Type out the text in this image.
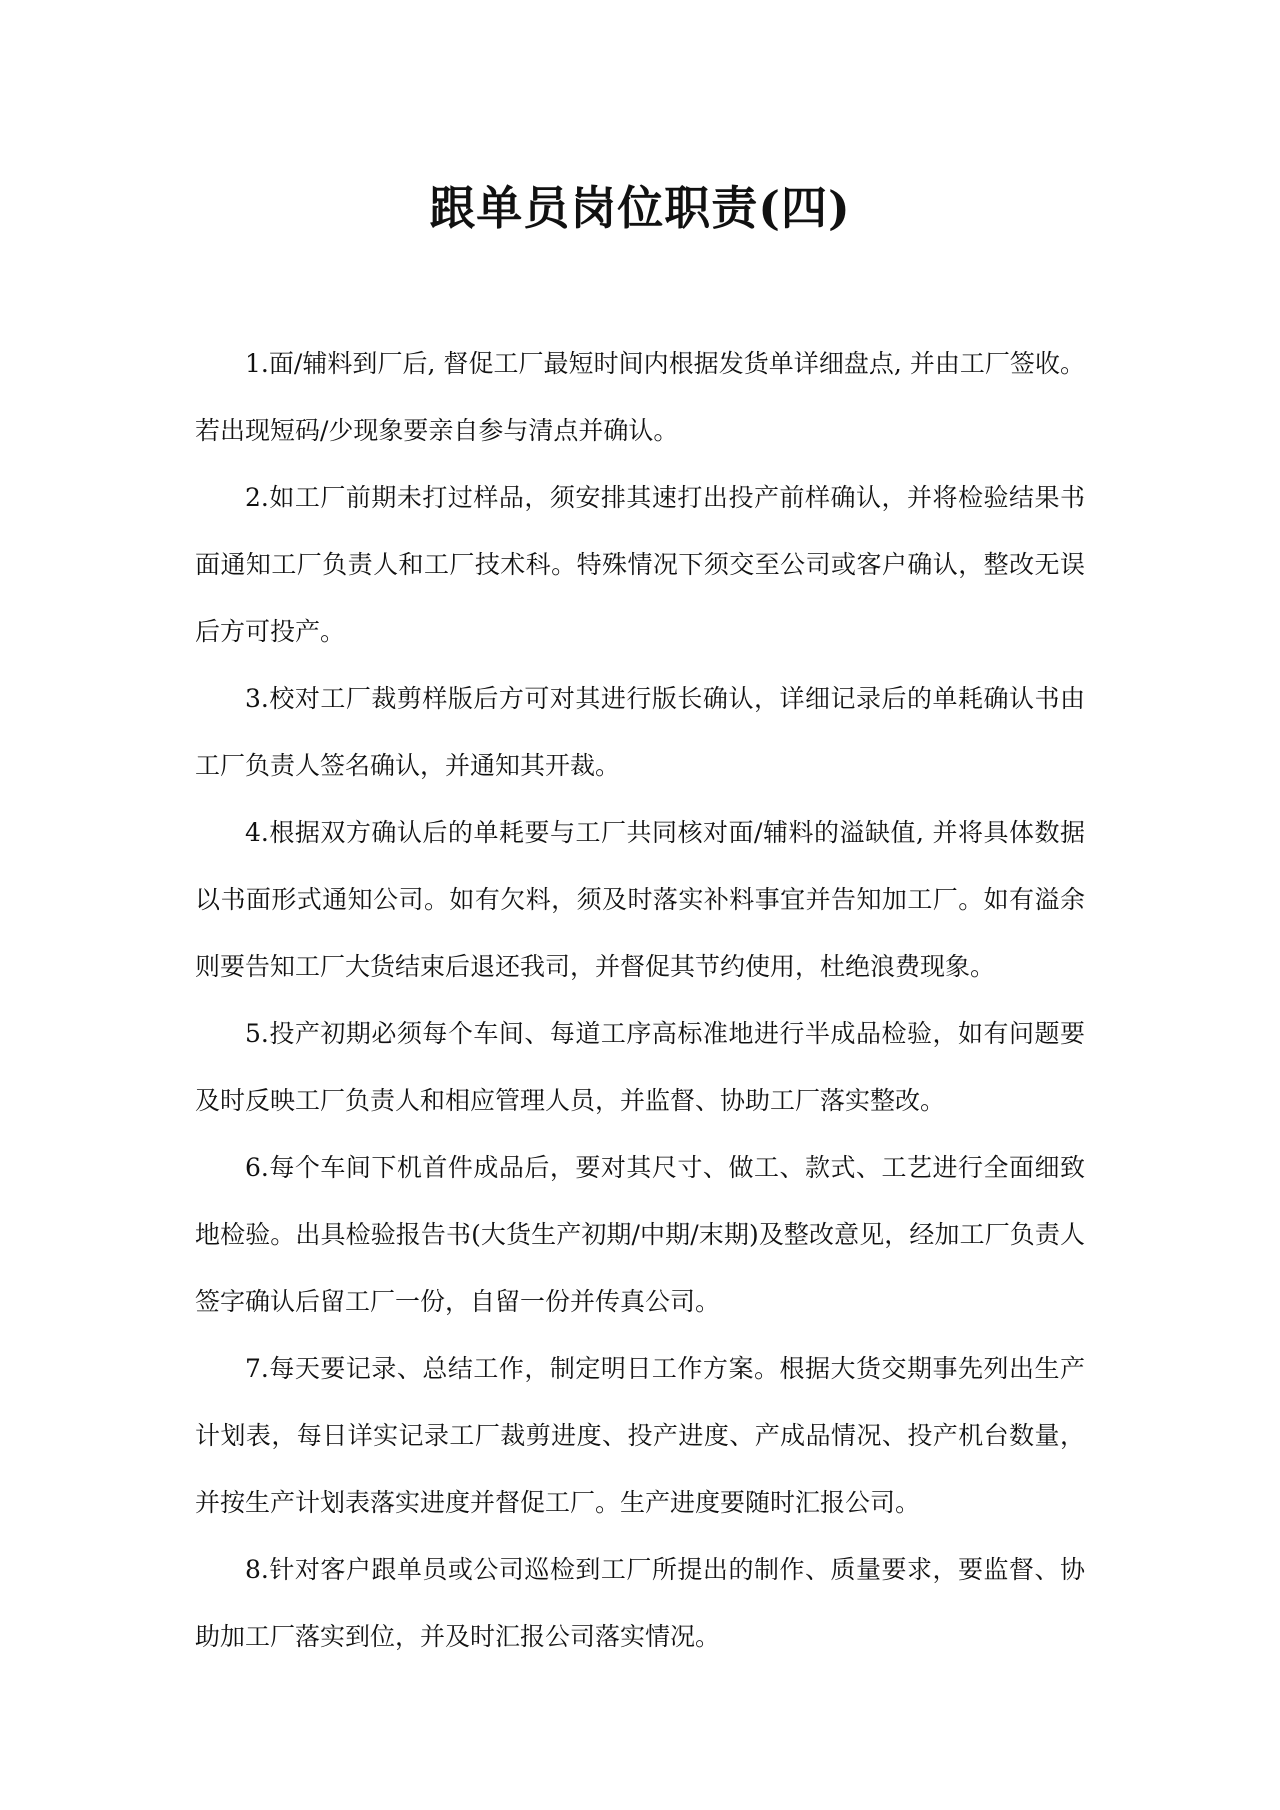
跟单员岗位职责(四)

1.面/辅料到厂后, 督促工厂最短时间内根据发货单详细盘点, 并由工厂签收。若出现短码/少现象要亲自参与清点并确认。

2.如工厂前期未打过样品，须安排其速打出投产前样确认，并将检验结果书面通知工厂负责人和工厂技术科。特殊情况下须交至公司或客户确认，整改无误后方可投产。

3.校对工厂裁剪样版后方可对其进行版长确认，详细记录后的单耗确认书由工厂负责人签名确认，并通知其开裁。

4.根据双方确认后的单耗要与工厂共同核对面/辅料的溢缺值, 并将具体数据以书面形式通知公司。如有欠料，须及时落实补料事宜并告知加工厂。如有溢余则要告知工厂大货结束后退还我司，并督促其节约使用，杜绝浪费现象。

5.投产初期必须每个车间、每道工序高标准地进行半成品检验，如有问题要及时反映工厂负责人和相应管理人员，并监督、协助工厂落实整改。

6.每个车间下机首件成品后，要对其尺寸、做工、款式、工艺进行全面细致地检验。出具检验报告书(大货生产初期/中期/末期)及整改意见，经加工厂负责人签字确认后留工厂一份，自留一份并传真公司。

7.每天要记录、总结工作，制定明日工作方案。根据大货交期事先列出生产计划表，每日详实记录工厂裁剪进度、投产进度、产成品情况、投产机台数量，并按生产计划表落实进度并督促工厂。生产进度要随时汇报公司。

8.针对客户跟单员或公司巡检到工厂所提出的制作、质量要求，要监督、协助加工厂落实到位，并及时汇报公司落实情况。
